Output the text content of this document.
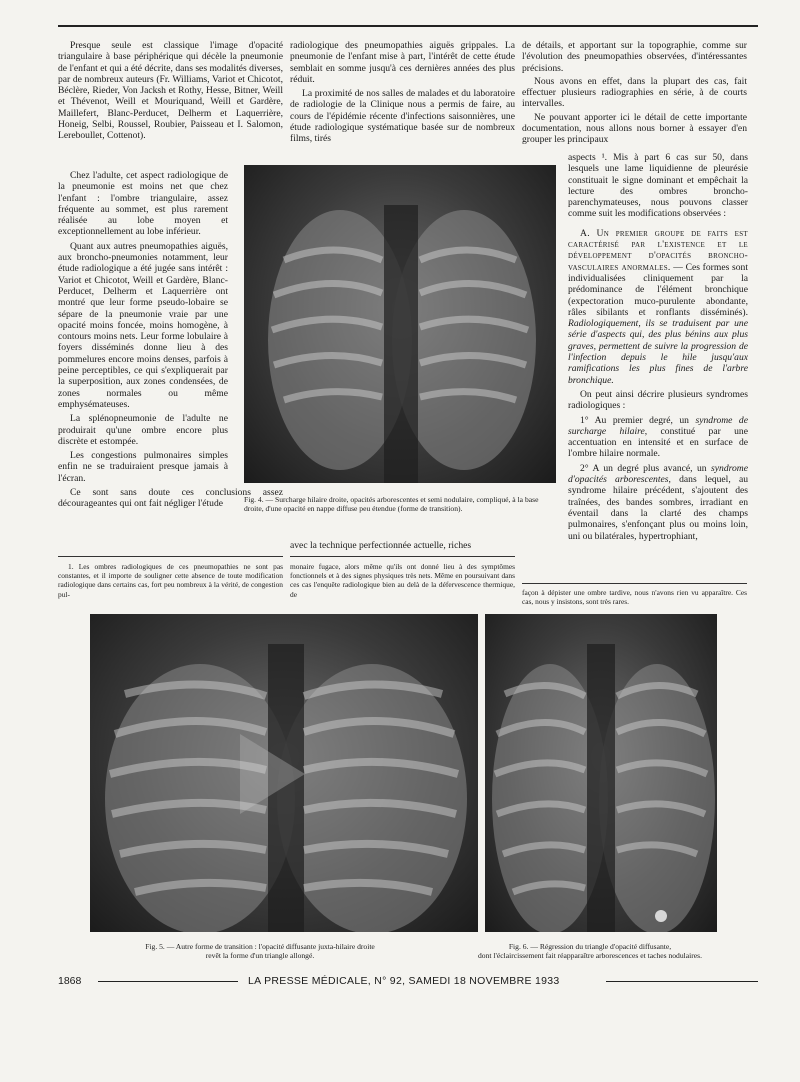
Presque seule est classique l'image d'opacité triangulaire à base périphérique qui décèle la pneumonie de l'enfant et qui a été décrite, dans ses modalités diverses, par de nombreux auteurs (Fr. Williams, Variot et Chicotot, Béclère, Rieder, Von Jacksh et Rothy, Hesse, Bitner, Weill et Thévenot, Weill et Mouriquand, Weill et Gardère, Maillefert, Blanc-Perducet, Delherm et Laquerrière, Honeig, Selbi, Roussel, Roubier, Paisseau et I. Salomon, Lereboullet, Cottenot).

Chez l'adulte, cet aspect radiologique de la pneumonie est moins net que chez l'enfant : l'ombre triangulaire, assez fréquente au sommet, est plus rarement réalisée au lobe moyen et exceptionnellement au lobe inférieur.

Quant aux autres pneumopathies aiguës, aux broncho-pneumonies notamment, leur étude radiologique a été jugée sans intérêt : Variot et Chicotot, Weill et Gardère, Blanc-Perducet, Delherm et Laquerrière ont montré que leur forme pseudo-lobaire se sépare de la pneumonie vraie par une opacité moins foncée, moins homogène, à contours moins nets. Leur forme lobulaire à foyers disséminés donne lieu à des pommelures encore moins denses, parfois à peine perceptibles, ce qui s'expliquerait par la superposition, aux zones condensées, de zones normales ou même emphysémateuses.

La splénopneumonie de l'adulte ne produirait qu'une ombre encore plus discrète et estompée.

Les congestions pulmonaires simples enfin ne se traduiraient presque jamais à l'écran.

Ce sont sans doute ces conclusions assez décourageantes qui ont fait négliger l'étude

radiologique des pneumopathies aiguës grippales. La pneumonie de l'enfant mise à part, l'intérêt de cette étude semblait en somme jusqu'à ces dernières années des plus réduit.

La proximité de nos salles de malades et du laboratoire de radiologie de la Clinique nous a permis de faire, au cours de l'épidémie récente d'infections saisonnières, une étude radiologique systématique basée sur de nombreux films, tirés

de détails, et apportant sur la topographie, comme sur l'évolution des pneumopathies observées, d'intéressantes précisions.

Nous avons en effet, dans la plupart des cas, fait effectuer plusieurs radiographies en série, à de courts intervalles.

Ne pouvant apporter ici le détail de cette importante documentation, nous allons nous borner à essayer d'en grouper les principaux

aspects ¹. Mis à part 6 cas sur 50, dans lesquels une lame liquidienne de pleurésie constituait le signe dominant et empêchait la lecture des ombres broncho-parenchymateuses, nous pouvons classer comme suit les modifications observées :

A. Un premier groupe de faits est caractérisé par l'existence et le développement d'opacités broncho-vasculaires anormales. — Ces formes sont individualisées cliniquement par la prédominance de l'élément bronchique (expectoration muco-purulente abondante, râles sibilants et ronflants disséminés). Radiologiquement, ils se traduisent par une série d'aspects qui, des plus bénins aux plus graves, permettent de suivre la progression de l'infection depuis le hile jusqu'aux ramifications les plus fines de l'arbre bronchique.

On peut ainsi décrire plusieurs syndromes radiologiques :

1° Au premier degré, un syndrome de surcharge hilaire, constitué par une accentuation en intensité et en surface de l'ombre hilaire normale.

2° A un degré plus avancé, un syndrome d'opacités arborescentes, dans lequel, au syndrome hilaire précédent, s'ajoutent des traînées, des bandes sombres, irradiant en éventail dans la clarté des champs pulmonaires, s'enfonçant plus ou moins loin, uni ou bilatérales, hypertrophiant,

Fig. 4. — Surcharge hilaire droite, opacités arborescentes et semi nodulaire, compliqué, à la base droite, d'une opacité en nappe diffuse peu étendue (forme de transition).

avec la technique perfectionnée actuelle, riches

1. Les ombres radiologiques de ces pneumopathies ne sont pas constantes, et il importe de souligner cette absence de toute modification radiologique dans certains cas, fort peu nombreux à la vérité, de congestion pul-

monaire fugace, alors même qu'ils ont donné lieu à des symptômes fonctionnels et à des signes physiques très nets. Même en poursuivant dans ces cas l'enquête radiologique bien au delà de la défervescence thermique, de	façon à dépister une ombre tardive, nous n'avons rien vu apparaître. Ces cas, nous y insistons, sont très rares.

Fig. 5. — Autre forme de transition : l'opacité diffusante juxta-hilaire droite
revêt la forme d'un triangle allongé.
Fig. 6. — Régression du triangle d'opacité diffusante,
dont l'éclaircissement fait réapparaître arborescences et taches nodulaires.
1868	LA PRESSE MÉDICALE, N° 92, SAMEDI 18 NOVEMBRE 1933
